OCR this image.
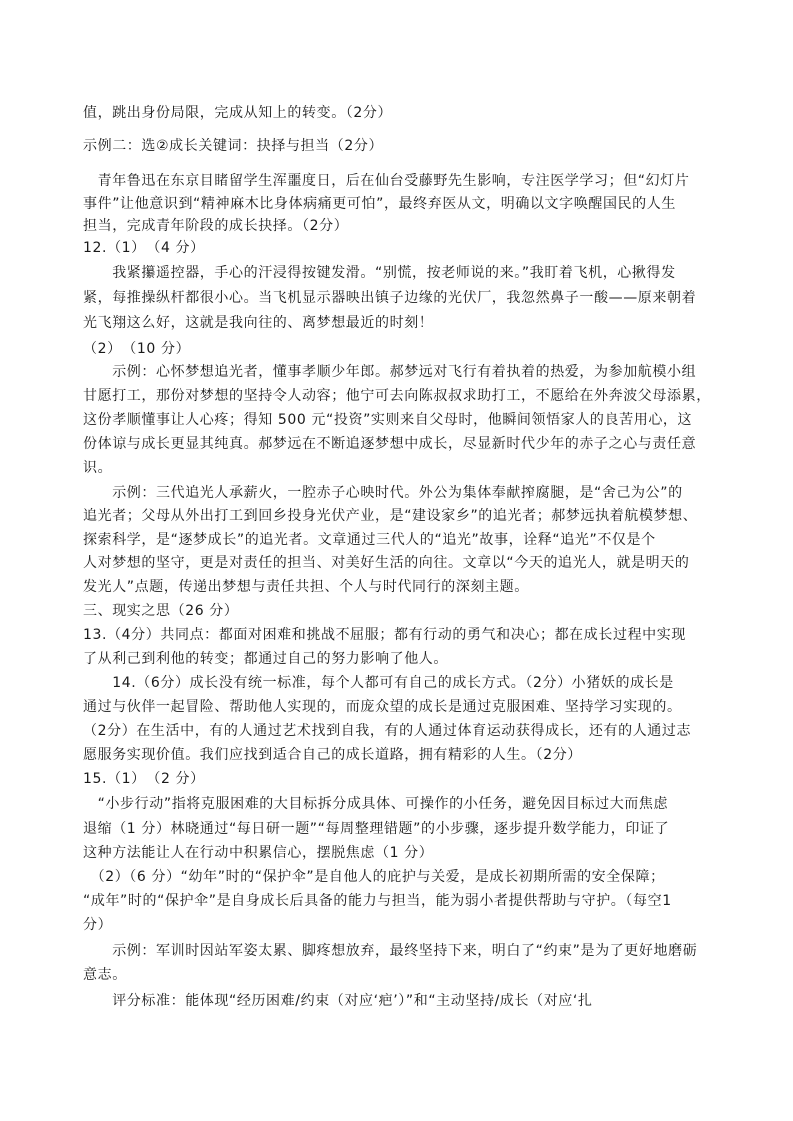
值，跳出身份局限，完成从知上的转变。（2分）
示例二：选②成长关键词：抉择与担当（2分）
　青年鲁迅在东京目睹留学生浑噩度日，后在仙台受藤野先生影响，专注医学学习；但“幻灯片
事件”让他意识到“精神麻木比身体病痛更可怕”，最终弃医从文，明确以文字唤醒国民的人生
担当，完成青年阶段的成长抉择。（2分）
12.（1）　（4 分）
　　我紧攥遥控器，手心的汗浸得按键发滑。“别慌，按老师说的来。”我盯着飞机，心揪得发
紧，每推操纵杆都很小心。当飞机显示器映出镇子边缘的光伏厂，我忽然鼻子一酸——原来朝着
光飞翔这么好，这就是我向往的、离梦想最近的时刻！
（2）　（10 分）
　　示例：心怀梦想追光者，懂事孝顺少年郎。郝梦远对飞行有着执着的热爱，为参加航模小组
甘愿打工，那份对梦想的坚持令人动容；他宁可去向陈叔叔求助打工，不愿给在外奔波父母添累，
这份孝顺懂事让人心疼；得知 500 元“投资”实则来自父母时，他瞬间领悟家人的良苦用心，这
份体谅与成长更显其纯真。郝梦远在不断追逐梦想中成长，尽显新时代少年的赤子之心与责任意
识。
　　示例：三代追光人承薪火，一腔赤子心映时代。外公为集体奉献搾腐腿，是“舍己为公”的
追光者；父母从外出打工到回乡投身光伏产业，是“建设家乡”的追光者；郝梦远执着航模梦想、
探索科学，是“逐梦成长”的追光者。文章通过三代人的“追光”故事，诠释“追光”不仅是个
人对梦想的坚守，更是对责任的担当、对美好生活的向往。文章以“今天的追光人，就是明天的
发光人”点题，传递出梦想与责任共担、个人与时代同行的深刻主题。
三、现实之思（26 分）
13.（4分）共同点：都面对困难和挑战不屈服；都有行动的勇气和决心；都在成长过程中实现
了从利己到利他的转变；都通过自己的努力影响了他人。
　　14.（6分）成长没有统一标准，每个人都可有自己的成长方式。（2分）小猪妖的成长是
通过与伙伴一起冒险、帮助他人实现的，而庞众望的成长是通过克服困难、坚持学习实现的。
（2分）在生活中，有的人通过艺术找到自我，有的人通过体育运动获得成长，还有的人通过志
愿服务实现价值。我们应找到适合自己的成长道路，拥有精彩的人生。（2分）
15.（1）　（2 分）
　“小步行动”指将克服困难的大目标拆分成具体、可操作的小任务，避免因目标过大而焦虑
退缩（1 分）林晓通过“每日研一题”“每周整理错题”的小步骤，逐步提升数学能力，印证了
这种方法能让人在行动中积累信心，摆脱焦虑（1 分）
　（2）（6 分）“幼年”时的“保护伞”是自他人的庇护与关爱，是成长初期所需的安全保障；
“成年”时的“保护伞”是自身成长后具备的能力与担当，能为弱小者提供帮助与守护。（每空1
分）
　　示例：军训时因站军姿太累、脚疼想放弃，最终坚持下来，明白了“约束”是为了更好地磨砺
意志。
　　评分标准：能体现“经历困难/约束（对应‘疤’）”和“主动坚持/成长（对应‘扎
